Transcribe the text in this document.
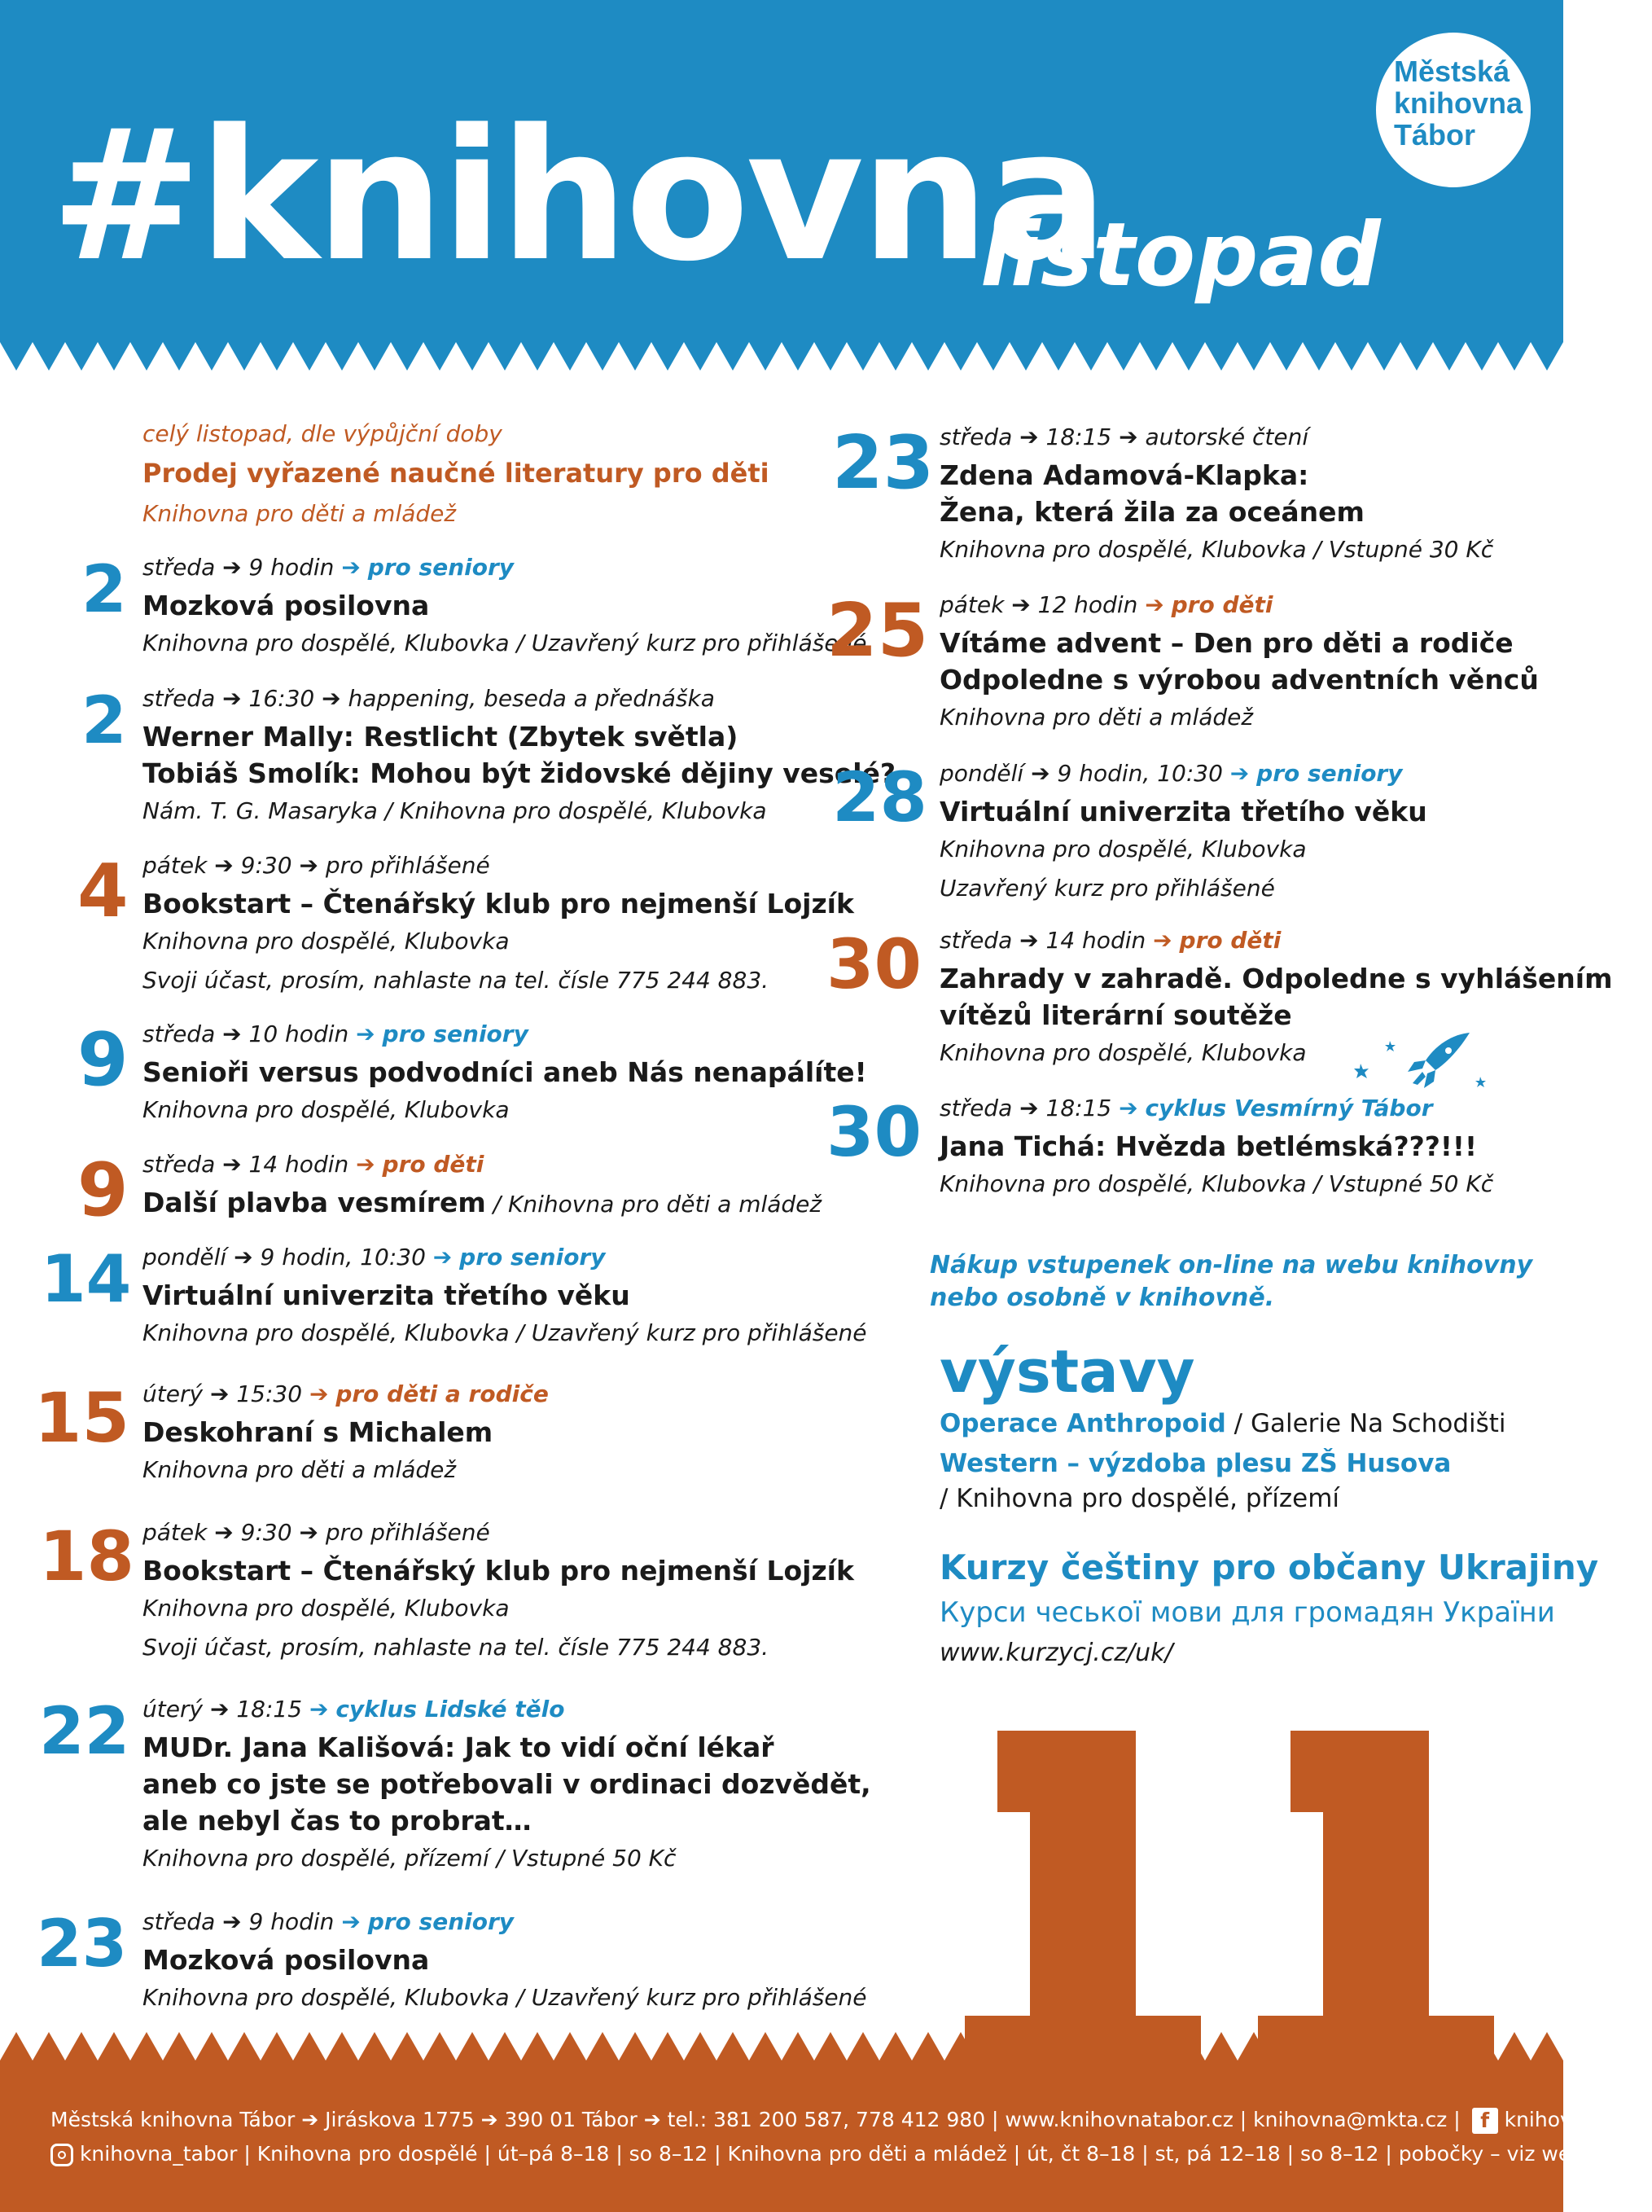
#knihovna
listopad
Městská
knihovna
Tábor
celý listopad, dle výpůjční doby
Prodej vyřazené naučné literatury pro děti
Knihovna pro děti a mládež
2 středa ➔ 9 hodin ➔ pro seniory
Mozková posilovna
Knihovna pro dospělé, Klubovka / Uzavřený kurz pro přihlášené
2 středa ➔ 16:30 ➔ happening, beseda a přednáška
Werner Mally: Restlicht (Zbytek světla)
Tobiáš Smolík: Mohou být židovské dějiny veselé?
Nám. T. G. Masaryka / Knihovna pro dospělé, Klubovka
4 pátek ➔ 9:30 ➔ pro přihlášené
Bookstart – Čtenářský klub pro nejmenší Lojzík
Knihovna pro dospělé, Klubovka
Svoji účast, prosím, nahlaste na tel. čísle 775 244 883.
9 středa ➔ 10 hodin ➔ pro seniory
Senioři versus podvodníci aneb Nás nenapálíte!
Knihovna pro dospělé, Klubovka
9 středa ➔ 14 hodin ➔ pro děti
Další plavba vesmírem / Knihovna pro děti a mládež
14 pondělí ➔ 9 hodin, 10:30 ➔ pro seniory
Virtuální univerzita třetího věku
Knihovna pro dospělé, Klubovka / Uzavřený kurz pro přihlášené
15 úterý ➔ 15:30 ➔ pro děti a rodiče
Deskohraní s Michalem
Knihovna pro děti a mládež
18 pátek ➔ 9:30 ➔ pro přihlášené
Bookstart – Čtenářský klub pro nejmenší Lojzík
Knihovna pro dospělé, Klubovka
Svoji účast, prosím, nahlaste na tel. čísle 775 244 883.
22 úterý ➔ 18:15 ➔ cyklus Lidské tělo
MUDr. Jana Kališová: Jak to vidí oční lékař
aneb co jste se potřebovali v ordinaci dozvědět,
ale nebyl čas to probrat…
Knihovna pro dospělé, přízemí / Vstupné 50 Kč
23 středa ➔ 9 hodin ➔ pro seniory
Mozková posilovna
Knihovna pro dospělé, Klubovka / Uzavřený kurz pro přihlášené
23 středa ➔ 18:15 ➔ autorské čtení
Zdena Adamová-Klapka:
Žena, která žila za oceánem
Knihovna pro dospělé, Klubovka / Vstupné 30 Kč
25 pátek ➔ 12 hodin ➔ pro děti
Vítáme advent – Den pro děti a rodiče
Odpoledne s výrobou adventních věnců
Knihovna pro děti a mládež
28 pondělí ➔ 9 hodin, 10:30 ➔ pro seniory
Virtuální univerzita třetího věku
Knihovna pro dospělé, Klubovka
Uzavřený kurz pro přihlášené
30 středa ➔ 14 hodin ➔ pro děti
Zahrady v zahradě. Odpoledne s vyhlášením
vítězů literární soutěže
Knihovna pro dospělé, Klubovka
30 středa ➔ 18:15 ➔ cyklus Vesmírný Tábor
Jana Tichá: Hvězda betlémská???!!!
Knihovna pro dospělé, Klubovka / Vstupné 50 Kč
Nákup vstupenek on-line na webu knihovny
nebo osobně v knihovně.
výstavy
Operace Anthropoid / Galerie Na Schodišti
Western – výzdoba plesu ZŠ Husova
/ Knihovna pro dospělé, přízemí
Kurzy češtiny pro občany Ukrajiny
Курси чеської мови для громадян України
www.kurzycj.cz/uk/
Městská knihovna Tábor ➔ Jiráskova 1775 ➔ 390 01 Tábor ➔ tel.: 381 200 587, 778 412 980 | www.knihovnatabor.cz | knihovna@mkta.cz | f knihovnatabor
knihovna_tabor | Knihovna pro dospělé | út–pá 8–18 | so 8–12 | Knihovna pro děti a mládež | út, čt 8–18 | st, pá 12–18 | so 8–12 | pobočky – viz web
